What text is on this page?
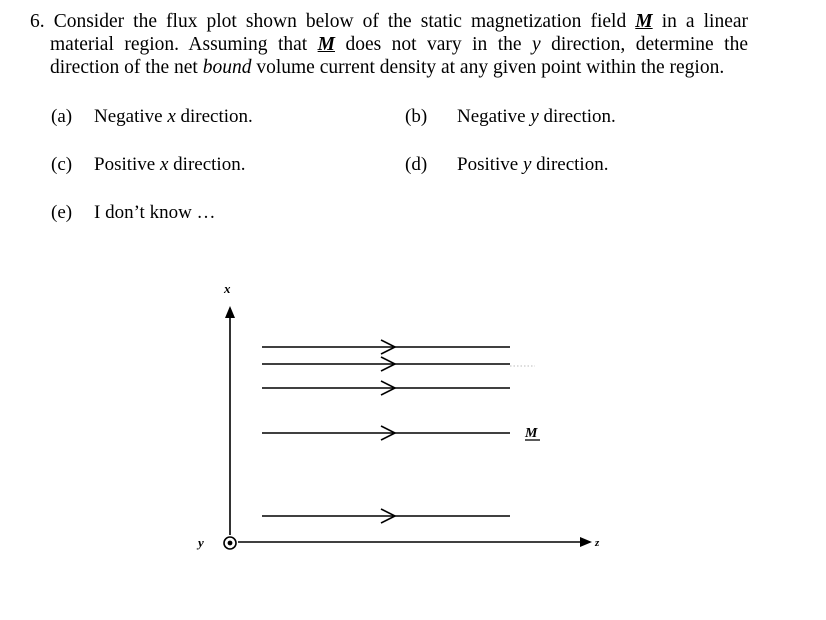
6. Consider the flux plot shown below of the static magnetization field M in a linear
material region. Assuming that M does not vary in the y direction, determine the
direction of the net bound volume current density at any given point within the region.
(a) Negative x direction.	(b) Negative y direction.
(c) Positive x direction.	(d) Positive y direction.
(e) I don’t know …
x
z
y
M
